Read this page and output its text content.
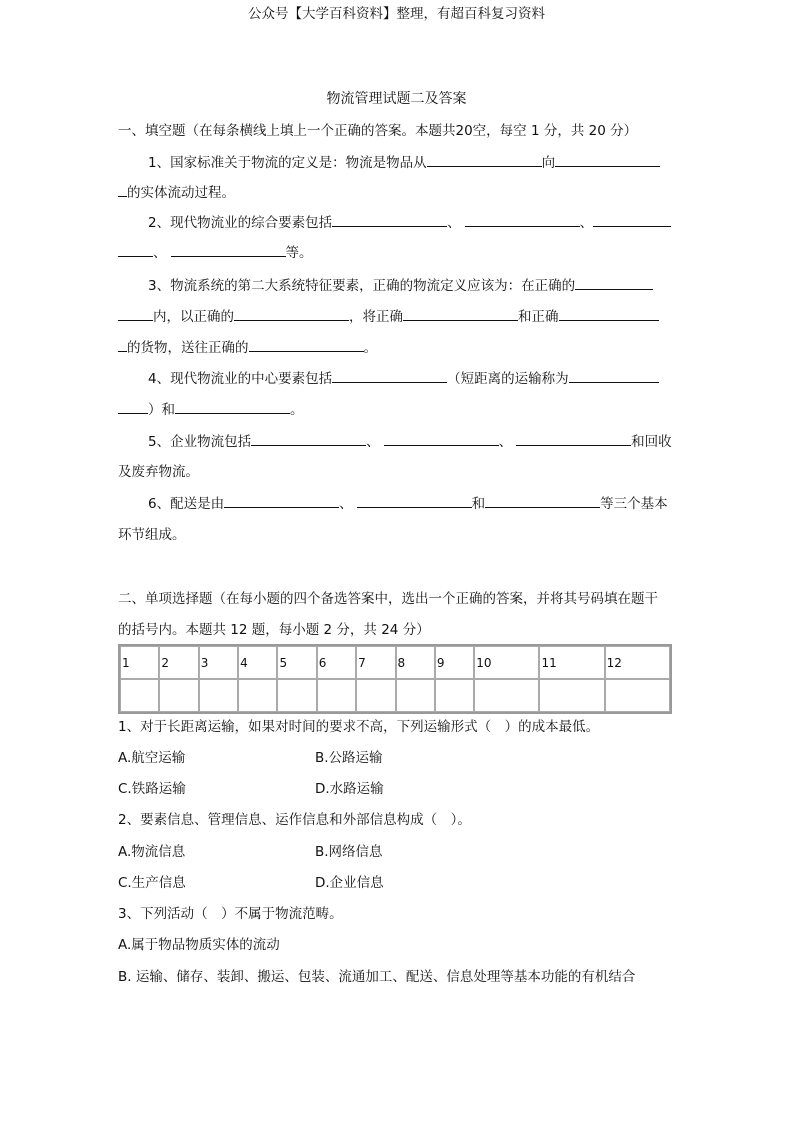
公众号【大学百科资料】整理，有超百科复习资料
物流管理试题二及答案
一、填空题（在每条横线上填上一个正确的答案。本题共20空，每空 1 分，共 20 分）
1、国家标准关于物流的定义是：物流是物品从	向
的实体流动过程。
2、现代物流业的综合要素包括	、	、
、	等。
3、物流系统的第二大系统特征要素，正确的物流定义应该为：在正确的
内，以正确的	，将正确	和正确
的货物，送往正确的	。
4、现代物流业的中心要素包括	（短距离的运输称为
）和	。
5、企业物流包括	、	、	和回收
及废弃物流。
6、配送是由	、	和	等三个基本
环节组成。
二、单项选择题（在每小题的四个备选答案中，选出一个正确的答案，并将其号码填在题干
的括号内。本题共 12 题，每小题 2 分，共 24 分）
1	2	3	4	5	6	7	8	9	10	11	12

1、对于长距离运输，如果对时间的要求不高，下列运输形式（　）的成本最低。
A.航空运输	B.公路运输
C.铁路运输	D.水路运输
2、要素信息、管理信息、运作信息和外部信息构成（　）。
A.物流信息	B.网络信息
C.生产信息	D.企业信息
3、下列活动（　）不属于物流范畴。
A.属于物品物质实体的流动
B. 运输、储存、装卸、搬运、包装、流通加工、配送、信息处理等基本功能的有机结合
